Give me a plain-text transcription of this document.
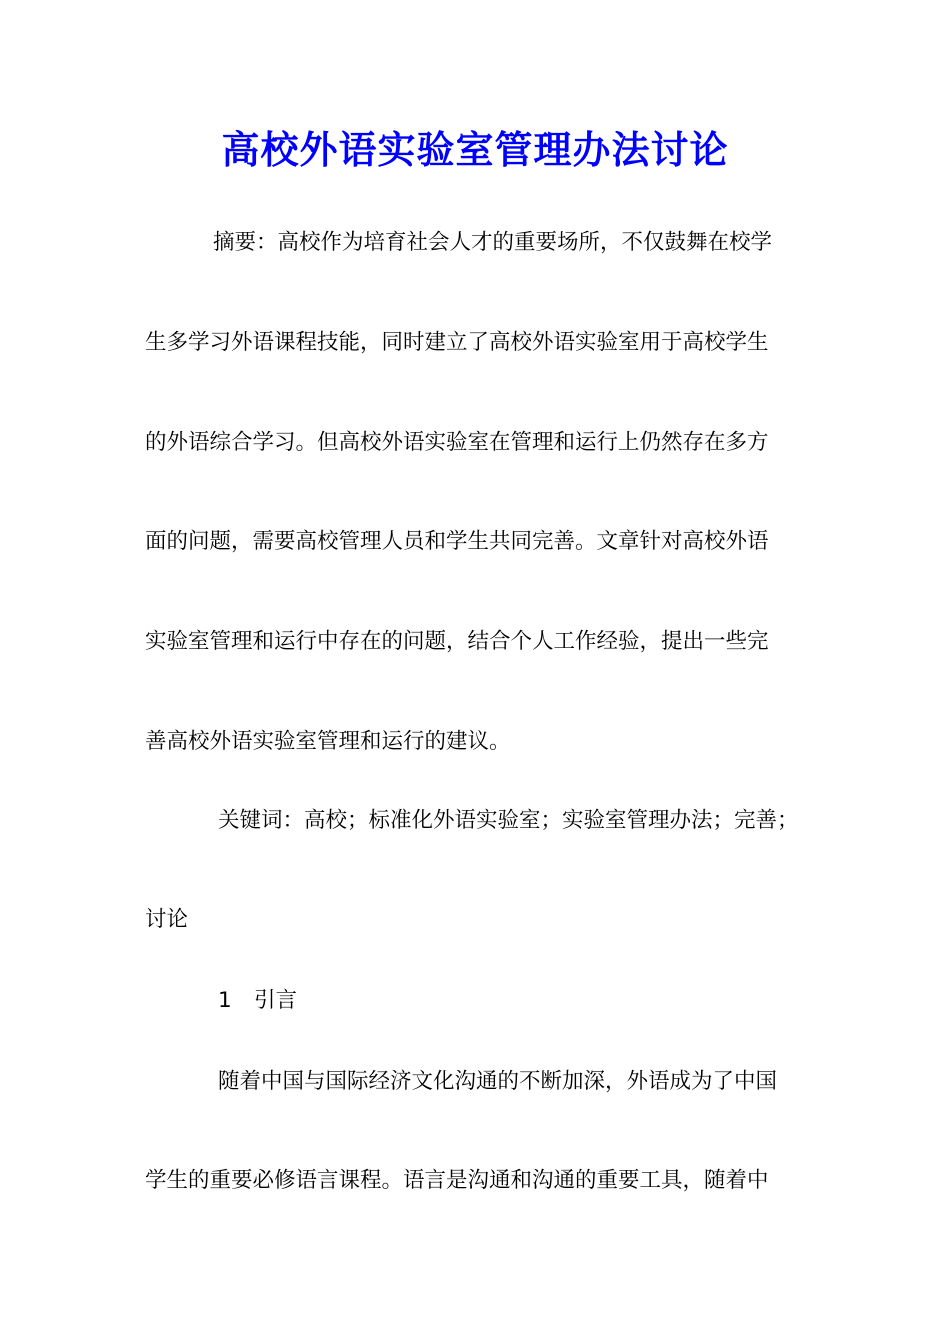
高校外语实验室管理办法讨论

摘要：高校作为培育社会人才的重要场所，不仅鼓舞在校学

生多学习外语课程技能，同时建立了高校外语实验室用于高校学生

的外语综合学习。但高校外语实验室在管理和运行上仍然存在多方

面的问题，需要高校管理人员和学生共同完善。文章针对高校外语

实验室管理和运行中存在的问题，结合个人工作经验，提出一些完

善高校外语实验室管理和运行的建议。

关键词：高校；标准化外语实验室；实验室管理办法；完善；

讨论

1 引言

随着中国与国际经济文化沟通的不断加深，外语成为了中国

学生的重要必修语言课程。语言是沟通和沟通的重要工具，随着中
